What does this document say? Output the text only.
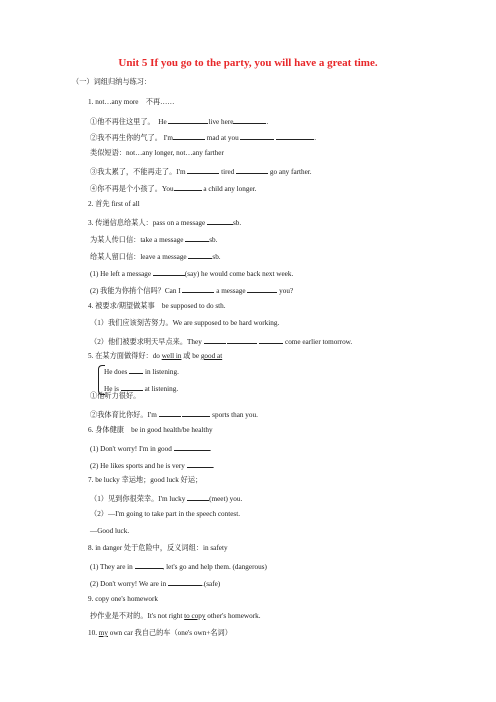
Unit 5 If you go to the party, you will have a great time.
（一）词组归纳与练习：
1. not…any more　不再……
①他不再住这里了。　He	live here	.
②我不再生你的气了。 I'm	mad at you	.
类似短语：not…any longer, not…any farther
③我太累了，不能再走了。I'm	tired	go any farther.
④你不再是个小孩了。You	a child any longer.
2. 首先 first of all
3. 传递信息给某人：pass on a message	sb.
为某人传口信：take a message	sb.
给某人留口信：leave a message	sb.
(1) He left a message	(say) he would come back next week.
(2) 我能为你捎个信吗？Can I	a message	you?
4. 被要求/期望做某事　be supposed to do sth.
（1）我们应该刻苦努力。We are supposed to be hard working.
（2）他们被要求明天早点来。They	come earlier tomorrow.
5. 在某方面做得好：do well in 或 be good at
He does  in listening.
He is	at listening.
①他听力很好。
②我体育比你好。I'm	sports than you.
6. 身体健康　be in good health/be healthy
(1) Don't worry! I'm in good	.
(2) He likes sports and he is very	.
7. be lucky 幸运地；good luck 好运；
（1）见到你很荣幸。I'm lucky	(meet) you.
（2）—I'm going to take part in the speech contest.
—Good luck.
8. in danger 处于危险中，反义词组：in safety
(1) They are in	, let's go and help them. (dangerous)
(2) Don't worry! We are in	.(safe)
9. copy one's homework
抄作业是不对的。It's not right to copy other's homework.
10. my own car 我自己的车（one's own+名词）
